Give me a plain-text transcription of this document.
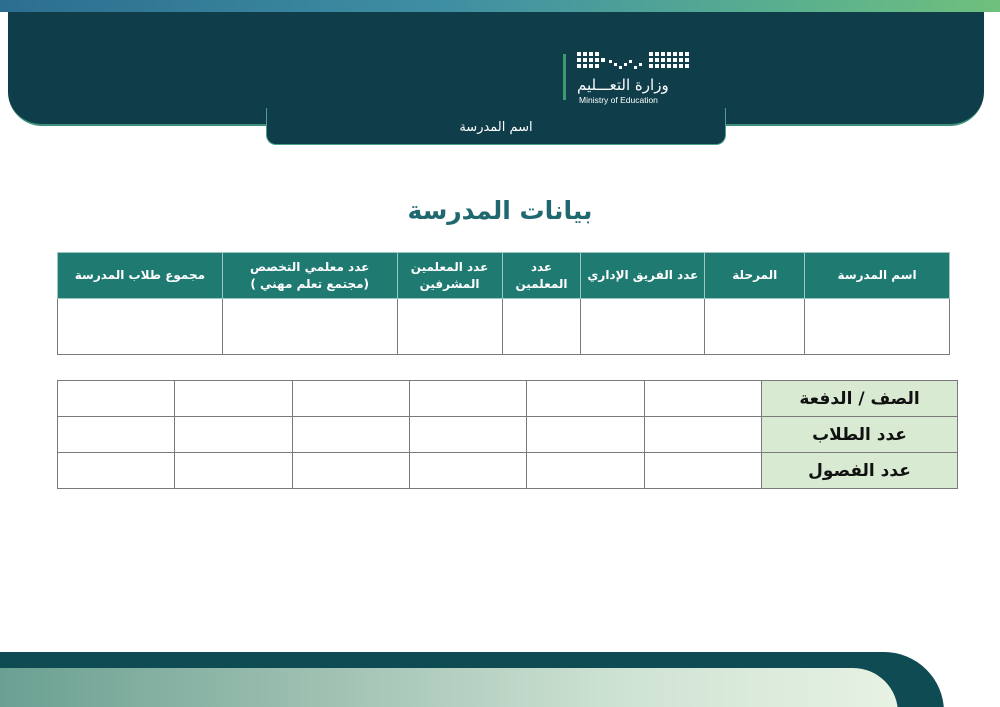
وزارة التعـــليم
Ministry of Education
اسم المدرسة
بيانات المدرسة
اسم المدرسة	المرحلة	عدد الفريق الإداري	عدد المعلمين	عدد المعلمين المشرفين	عدد معلمي التخصص (مجتمع تعلم مهني )	مجموع طلاب المدرسة

الصف / الدفعة						
عدد الطلاب						
عدد الفصول						
